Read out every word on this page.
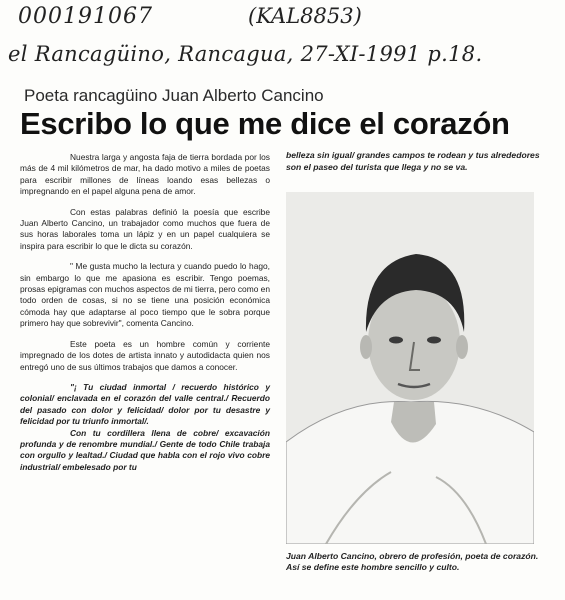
000191067	(KAL8853)
el Rancagüino, Rancagua, 27-XI-1991 p.18.
Poeta rancagüino Juan Alberto Cancino
Escribo lo que me dice el corazón

Nuestra larga y angosta faja de tierra bordada por los más de 4 mil kilómetros de mar, ha dado motivo a miles de poetas para escribir millones de líneas loando esas bellezas o impregnando en el papel alguna pena de amor.

Con estas palabras definió la poesía que escribe Juan Alberto Cancino, un trabajador como muchos que fuera de sus horas laborales toma un lápiz y en un papel cualquiera se inspira para escribir lo que le dicta su corazón.

" Me gusta mucho la lectura y cuando puedo lo hago, sin embargo lo que me apasiona es escribir. Tengo poemas, prosas epigramas con muchos aspectos de mi tierra, pero como en todo orden de cosas, si no se tiene una posición económica cómoda hay que adaptarse al poco tiempo que le sobra porque primero hay que sobrevivir", comenta Cancino.

Este poeta es un hombre común y corriente impregnado de los dotes de artista innato y autodidacta quien nos entregó uno de sus últimos trabajos que damos a conocer.

"¡ Tu ciudad inmortal / recuerdo histórico y colonial/ enclavada en el corazón del valle central./ Recuerdo del pasado con dolor y felicidad/ dolor por tu desastre y felicidad por tu triunfo inmortal/.

Con tu cordillera llena de cobre/ excavación profunda y de renombre mundial./ Gente de todo Chile trabaja con orgullo y lealtad./ Ciudad que habla con el rojo vivo cobre industrial/ embelesado por tu

belleza sin igual/ grandes campos te rodean y tus alrededores son el paseo del turista que llega y no se va.
Juan Alberto Cancino, obrero de profesión, poeta de corazón. Así se define este hombre sencillo y culto.
